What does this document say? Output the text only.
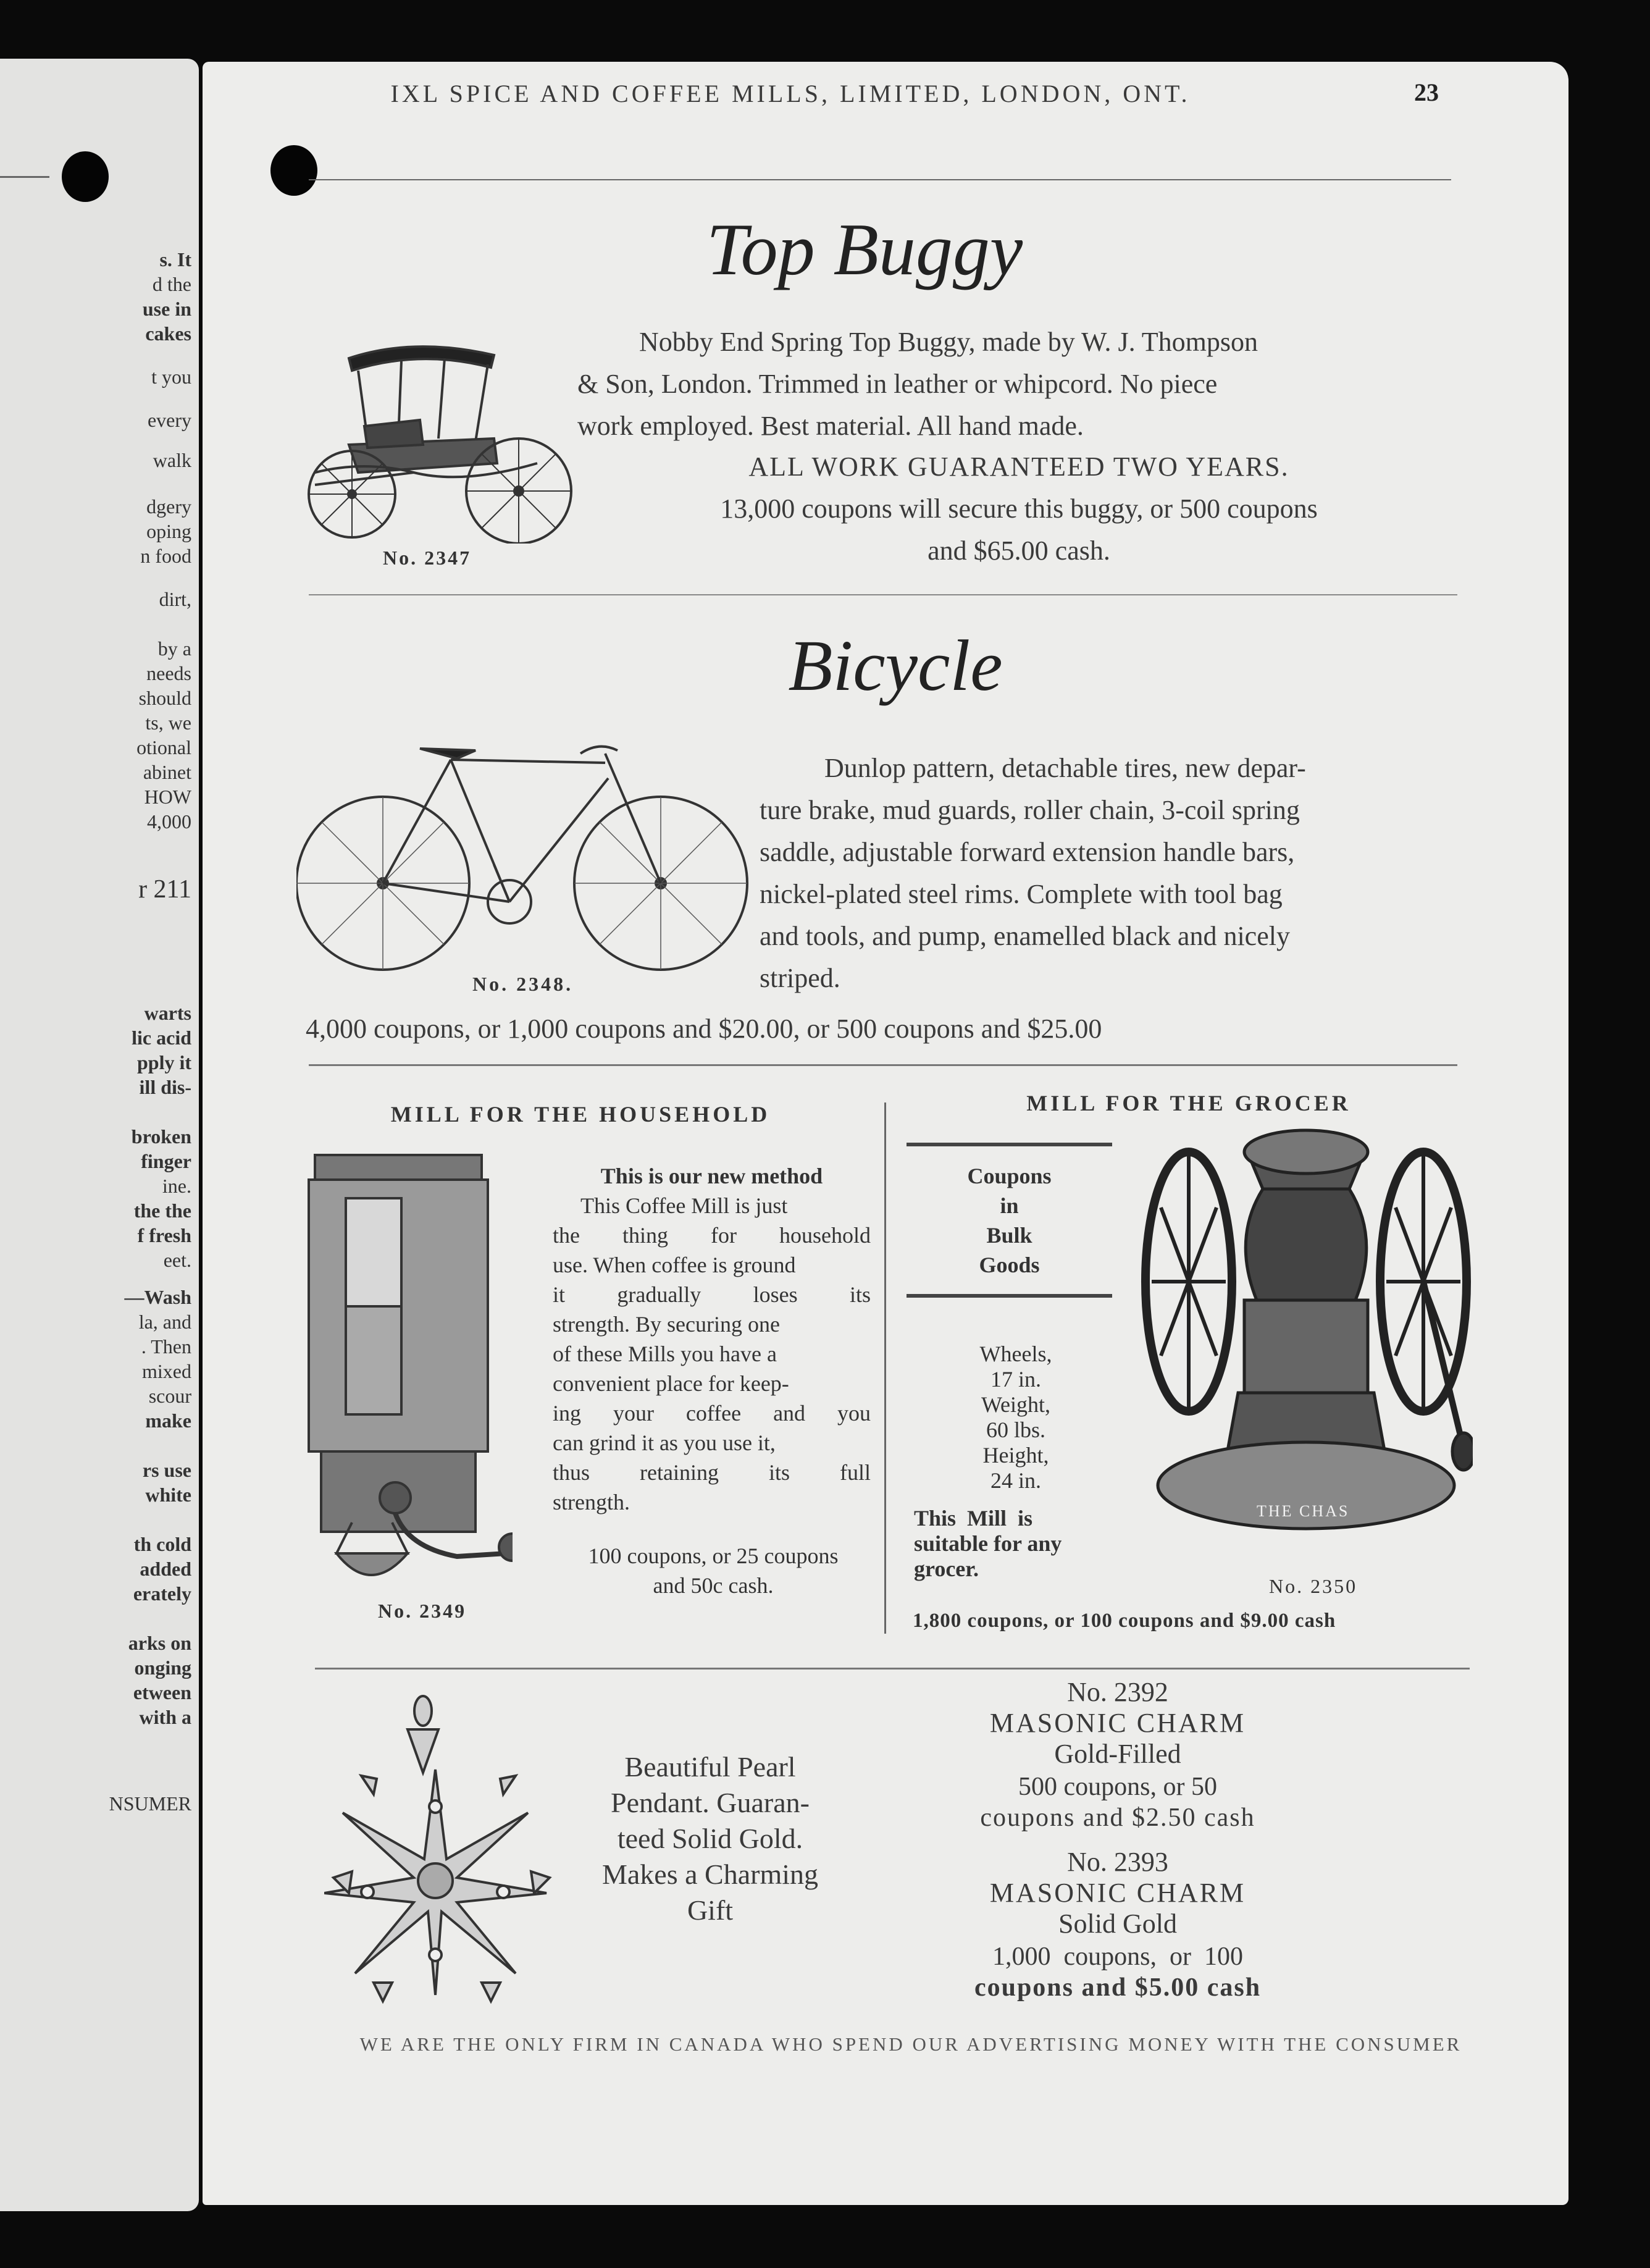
s. It
d the
use in
cakes
t you
every
walk
dgery
oping
n food
dirt,
by a
needs
should
ts, we
otional
abinet
HOW
4,000
r 211
warts
lic acid
pply it
ill dis-
broken
finger
ine.
the the
f fresh
eet.
—Wash
la, and
. Then
mixed
scour
make
rs use
white
th cold
added
erately
arks on
onging
etween
with a
NSUMER
IXL SPICE AND COFFEE MILLS, LIMITED, LONDON, ONT.	23
Top Buggy
No. 2347
Nobby End Spring Top Buggy, made by W. J. Thompson
& Son, London. Trimmed in leather or whipcord. No piece
work employed. Best material. All hand made.
ALL WORK GUARANTEED TWO YEARS.
13,000 coupons will secure this buggy, or 500 coupons
and $65.00 cash.
Bicycle
No. 2348.
Dunlop pattern, detachable tires, new depar-
ture brake, mud guards, roller chain, 3-coil spring
saddle, adjustable forward extension handle bars,
nickel-plated steel rims. Complete with tool bag
and tools, and pump, enamelled black and nicely
striped.
4,000 coupons, or 1,000 coupons and $20.00, or 500 coupons and $25.00
MILL FOR THE HOUSEHOLD
No. 2349
This is our new method
This Coffee Mill is just
the thing for household
use. When coffee is ground
it gradually loses its
strength. By securing one
of these Mills you have a
convenient place for keep-
ing your coffee and you
can grind it as you use it,
thus retaining its full
strength.
100 coupons, or 25 coupons
and 50c cash.
MILL FOR THE GROCER
Coupons
in
Bulk
Goods
Wheels,
17 in.
Weight,
60 lbs.
Height,
24 in.
This  Mill  is
suitable for any
grocer.
THE CHAS
No. 2350
1,800 coupons, or 100 coupons and $9.00 cash
Beautiful Pearl
Pendant. Guaran-
teed Solid Gold.
Makes a Charming
Gift
No. 2392
MASONIC CHARM
Gold-Filled
500 coupons, or 50
coupons and $2.50 cash
No. 2393
MASONIC CHARM
Solid Gold
1,000  coupons,  or  100
coupons and $5.00 cash
WE ARE THE ONLY FIRM IN CANADA WHO SPEND OUR ADVERTISING MONEY WITH THE CONSUMER
